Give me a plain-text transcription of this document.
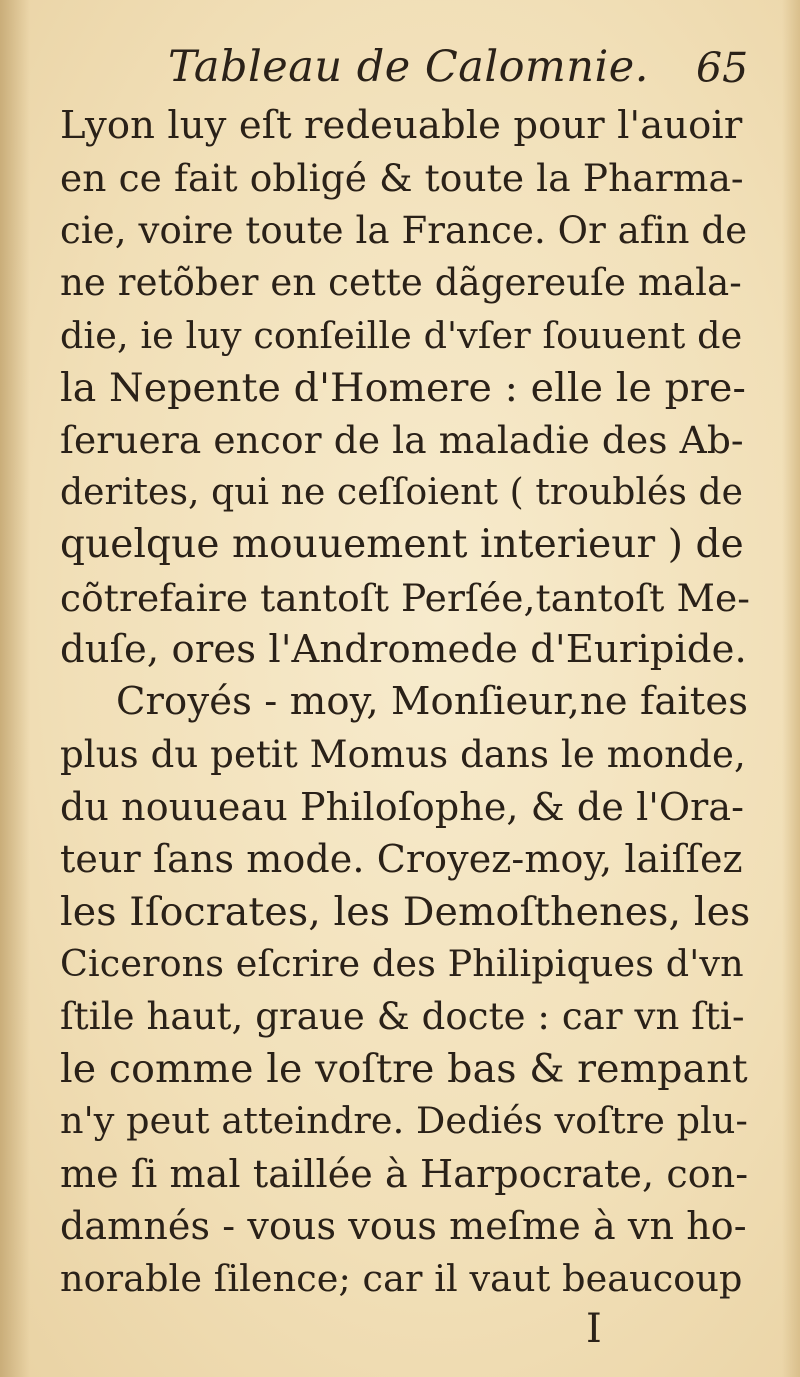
Tableau de Calomnie. 65
Lyon luy eſt redeuable pour l'auoir
en ce fait obligé & toute la Pharma-
cie, voire toute la France. Or afin de
ne retõber en cette dãgereuſe mala-
die, ie luy conſeille d'vſer ſouuent de
la Nepente d'Homere : elle le pre-
ſeruera encor de la maladie des Ab-
derites, qui ne ceſſoient ( troublés de
quelque mouuement interieur ) de
cõtrefaire tantoſt Perſée,tantoſt Me-
duſe, ores l'Andromede d'Euripide.
Croyés - moy, Monſieur,ne faites
plus du petit Momus dans le monde,
du nouueau Philoſophe, & de l'Ora-
teur ſans mode. Croyez-moy, laiſſez
les Iſocrates, les Demoſthenes, les
Cicerons eſcrire des Philipiques d'vn
ſtile haut, graue & docte : car vn ſti-
le comme le voſtre bas & rempant
n'y peut atteindre. Dediés voſtre plu-
me ſi mal taillée à Harpocrate, con-
damnés - vous vous meſme à vn ho-
norable ſilence; car il vaut beaucoup
I
